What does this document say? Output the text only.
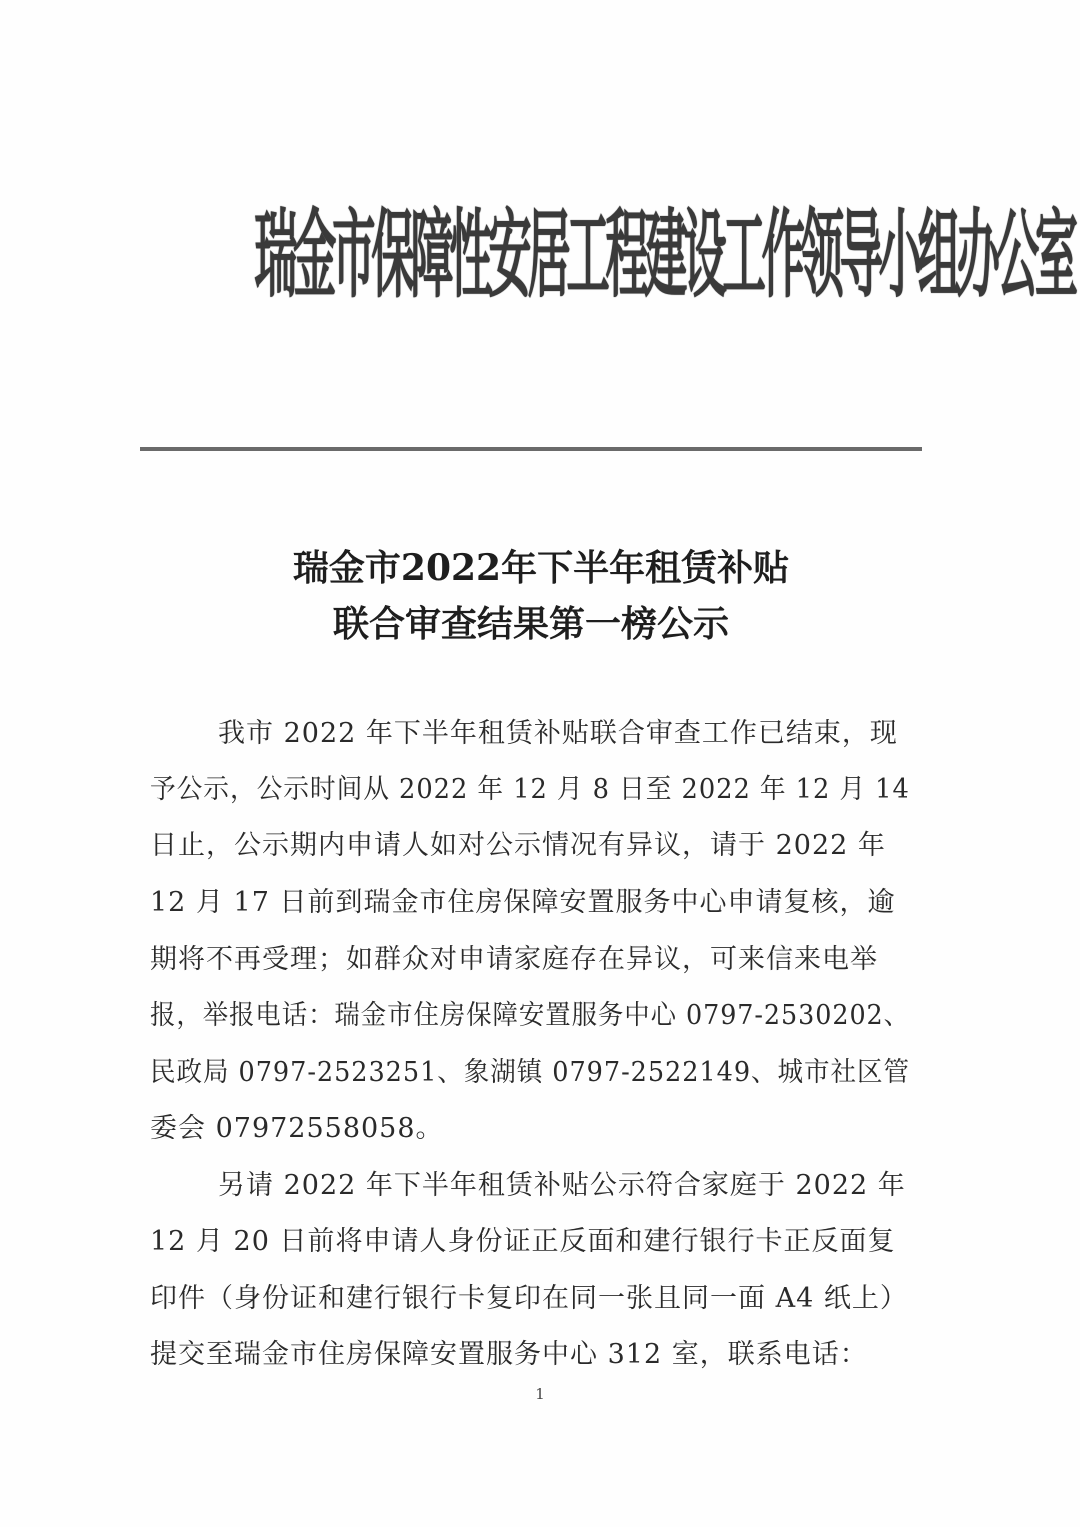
瑞金市保障性安居工程建设工作领导小组办公室
瑞金市2022年下半年租赁补贴
联合审查结果第一榜公示
我市 2022 年下半年租赁补贴联合审查工作已结束，现
予公示，公示时间从 2022 年 12 月 8 日至 2022 年 12 月 14
日止，公示期内申请人如对公示情况有异议，请于 2022 年
12 月 17 日前到瑞金市住房保障安置服务中心申请复核，逾
期将不再受理；如群众对申请家庭存在异议，可来信来电举
报，举报电话：瑞金市住房保障安置服务中心 0797-2530202、
民政局 0797-2523251、象湖镇 0797-2522149、城市社区管
委会 07972558058。
另请 2022 年下半年租赁补贴公示符合家庭于 2022 年
12 月 20 日前将申请人身份证正反面和建行银行卡正反面复
印件（身份证和建行银行卡复印在同一张且同一面 A4 纸上）
提交至瑞金市住房保障安置服务中心 312 室，联系电话：
1
